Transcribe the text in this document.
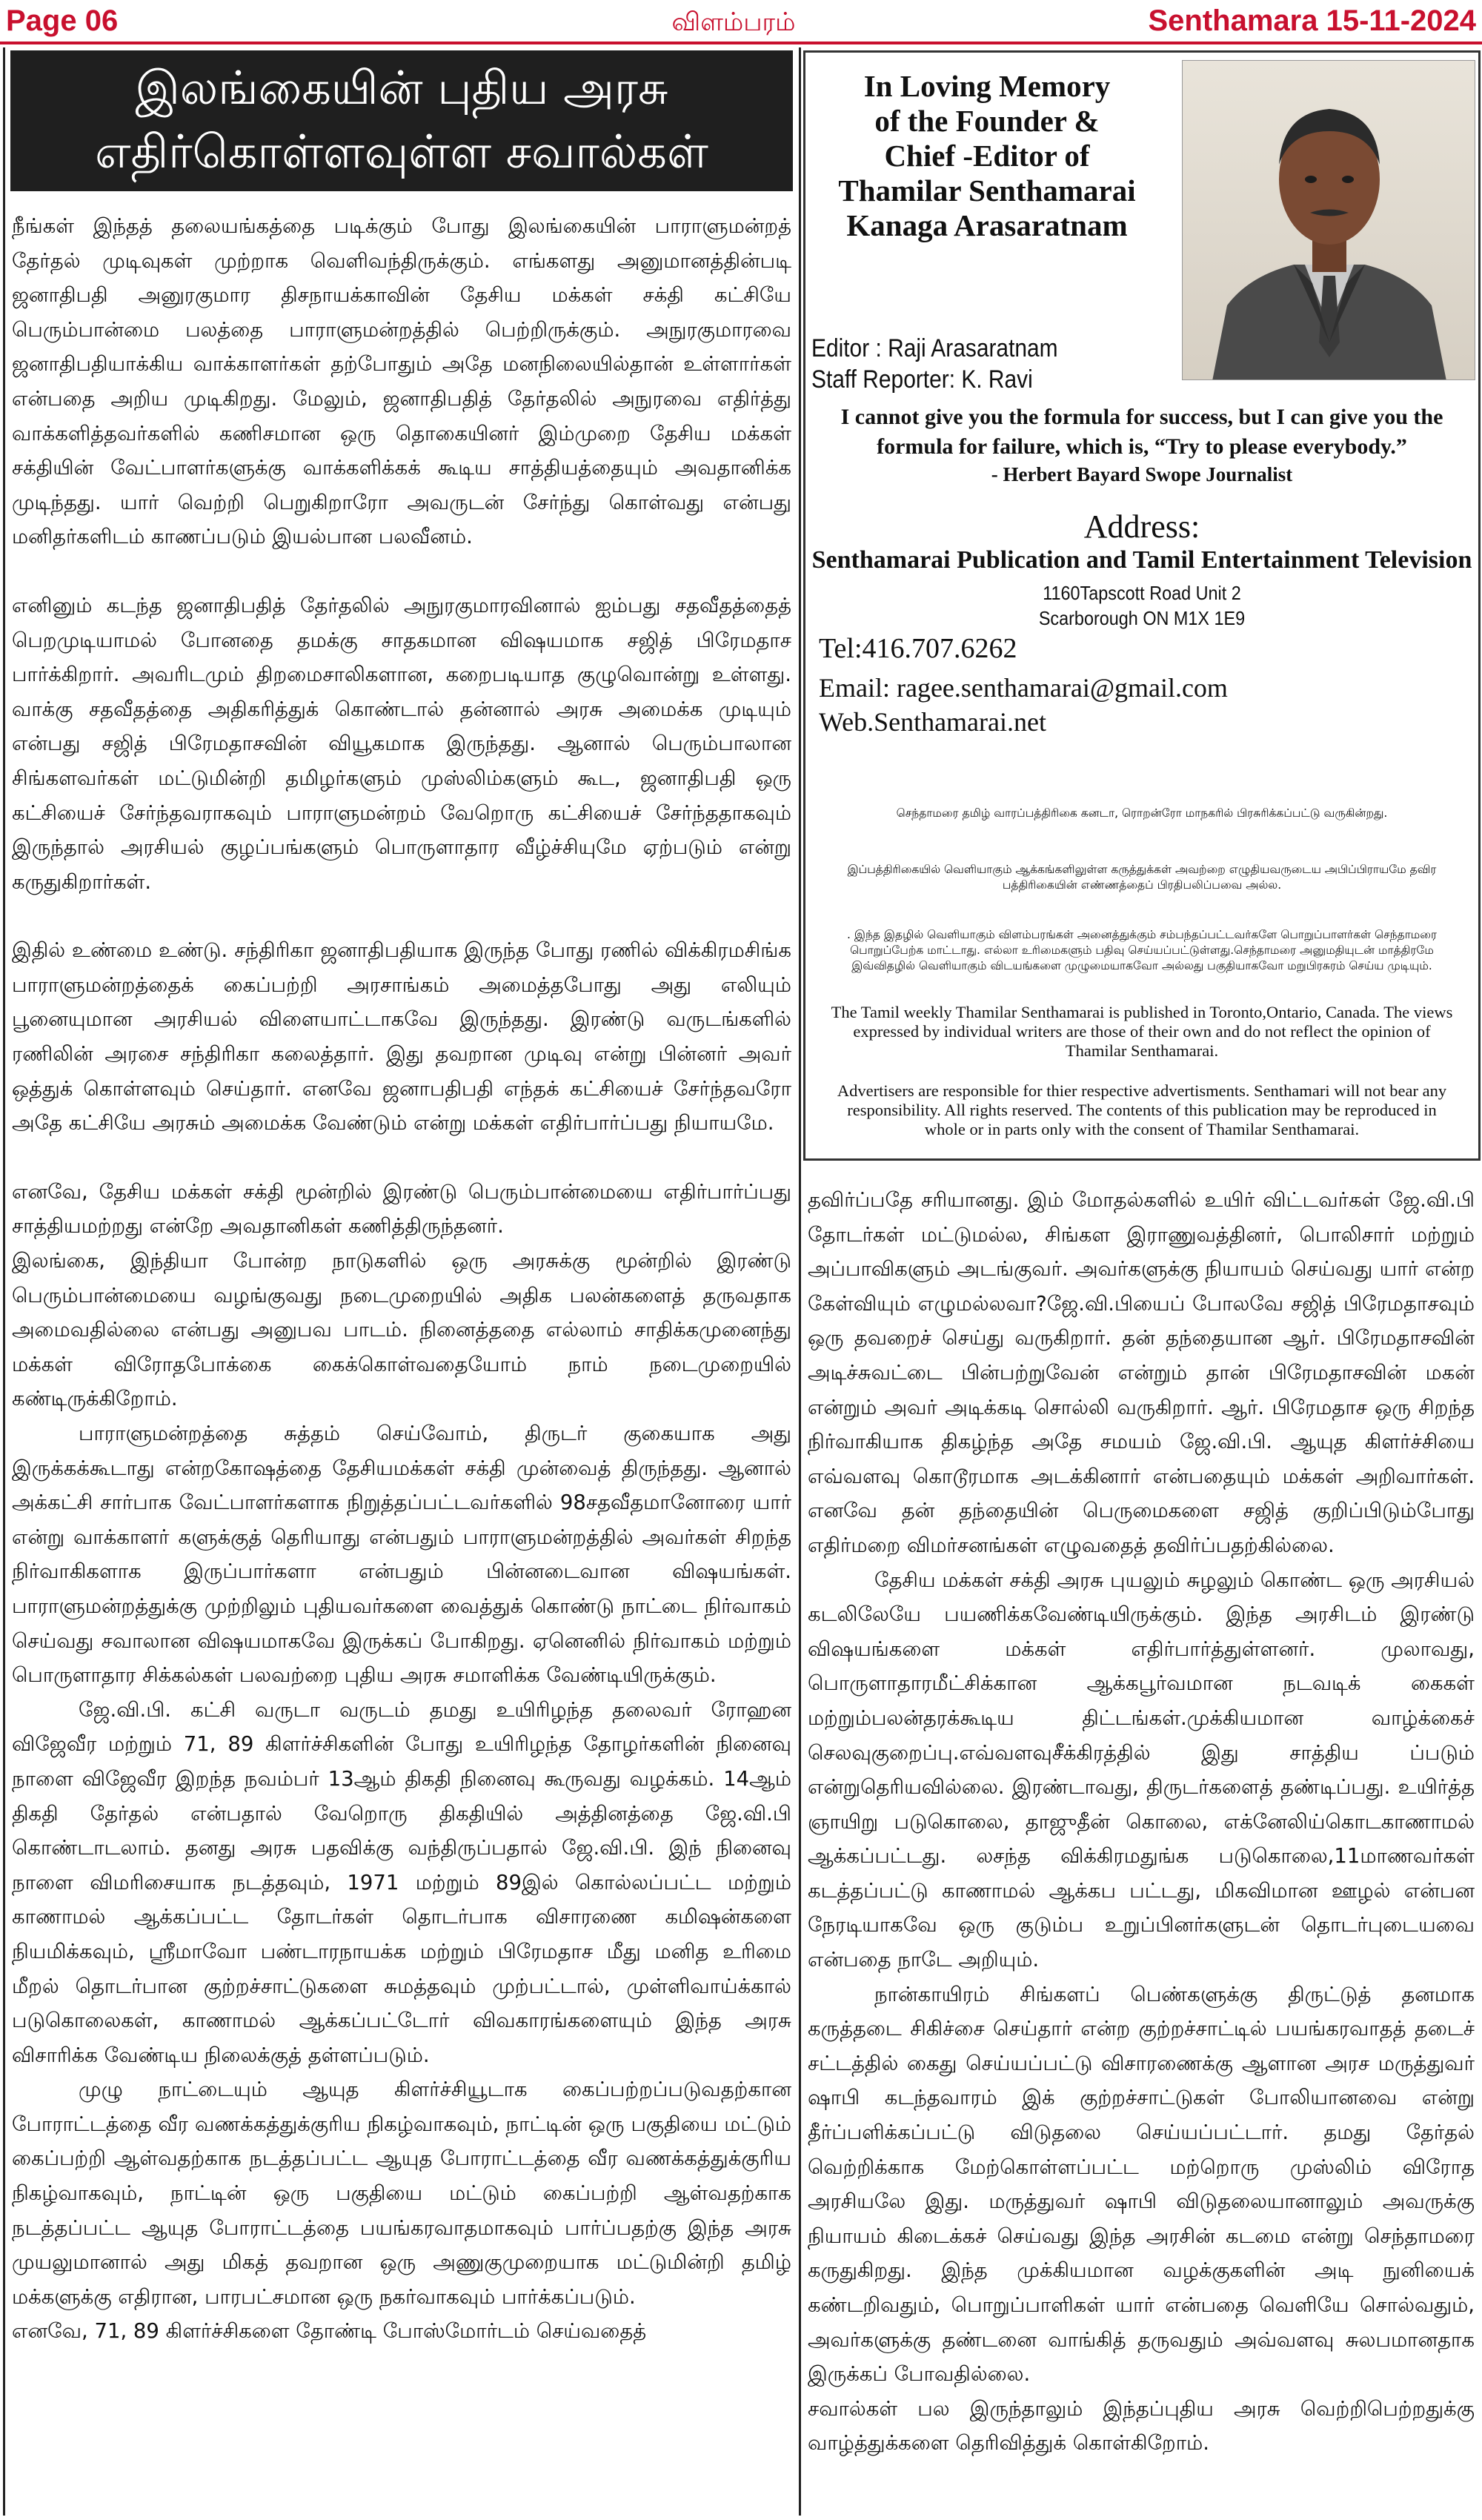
Page 06	விளம்பரம்	Senthamara 15-11-2024
இலங்கையின் புதிய அரசு
எதிர்கொள்ளவுள்ள சவால்கள்

நீங்கள் இந்தத் தலையங்கத்தை படிக்கும் போது இலங்கையின் பாராளுமன்றத் தேர்தல் முடிவுகள் முற்றாக வெளிவந்திருக்கும். எங்களது அனுமானத்தின்படி ஜனாதிபதி அனுரகுமார திசநாயக்காவின் தேசிய மக்கள் சக்தி கட்சியே பெரும்பான்மை பலத்தை பாராளுமன்றத்தில் பெற்றிருக்கும். அநுரகுமாரவை ஜனாதிபதியாக்கிய வாக்காளர்கள் தற்போதும் அதே மனநிலையில்தான் உள்ளார்கள் என்பதை அறிய முடிகிறது. மேலும், ஜனாதிபதித் தேர்தலில் அநுரவை எதிர்த்து வாக்களித்தவர்களில் கணிசமான ஒரு தொகையினர் இம்முறை தேசிய மக்கள் சக்தியின் வேட்பாளர்களுக்கு வாக்களிக்கக் கூடிய சாத்தியத்தையும் அவதானிக்க முடிந்தது. யார் வெற்றி பெறுகிறாரோ அவருடன் சேர்ந்து கொள்வது என்பது மனிதர்களிடம் காணப்படும் இயல்பான பலவீனம்.

எனினும் கடந்த ஜனாதிபதித் தேர்தலில் அநுரகுமாரவினால் ஐம்பது சதவீதத்தைத் பெறமுடியாமல் போனதை தமக்கு சாதகமான விஷயமாக சஜித் பிரேமதாச பார்க்கிறார். அவரிடமும் திறமைசாலிகளான, கறைபடியாத குழுவொன்று உள்ளது. வாக்கு சதவீதத்தை அதிகரித்துக் கொண்டால் தன்னால் அரசு அமைக்க முடியும் என்பது சஜித் பிரேமதாசவின் வியூகமாக இருந்தது. ஆனால் பெரும்பாலான சிங்களவர்கள் மட்டுமின்றி தமிழர்களும் முஸ்லிம்களும் கூட, ஜனாதிபதி ஒரு கட்சியைச் சேர்ந்தவராகவும் பாராளுமன்றம் வேறொரு கட்சியைச் சேர்ந்ததாகவும் இருந்தால் அரசியல் குழப்பங்களும் பொருளாதார வீழ்ச்சியுமே ஏற்படும் என்று கருதுகிறார்கள்.

இதில் உண்மை உண்டு. சந்திரிகா ஜனாதிபதியாக இருந்த போது ரணில் விக்கிரமசிங்க பாராளுமன்றத்தைக் கைப்பற்றி அரசாங்கம் அமைத்தபோது அது எலியும் பூனையுமான அரசியல் விளையாட்டாகவே இருந்தது. இரண்டு வருடங்களில் ரணிலின் அரசை சந்திரிகா கலைத்தார். இது தவறான முடிவு என்று பின்னர் அவர் ஒத்துக் கொள்ளவும் செய்தார். எனவே ஜனாபதிபதி எந்தக் கட்சியைச் சேர்ந்தவரோ அதே கட்சியே அரசும் அமைக்க வேண்டும் என்று மக்கள் எதிர்பார்ப்பது நியாயமே.

எனவே, தேசிய மக்கள் சக்தி மூன்றில் இரண்டு பெரும்பான்மையை எதிர்பார்ப்பது சாத்தியமற்றது என்றே அவதானிகள் கணித்திருந்தனர்.

இலங்கை, இந்தியா போன்ற நாடுகளில் ஒரு அரசுக்கு மூன்றில் இரண்டு பெரும்பான்மையை வழங்குவது நடைமுறையில் அதிக பலன்களைத் தருவதாக அமைவதில்லை என்பது அனுபவ பாடம். நினைத்ததை எல்லாம் சாதிக்கமுனைந்து மக்கள் விரோதபோக்கை கைக்கொள்வதையோம் நாம் நடைமுறையில் கண்டிருக்கிறோம்.

பாராளுமன்றத்தை சுத்தம் செய்வோம், திருடர் குகையாக அது இருக்கக்கூடாது என்றகோஷத்தை தேசியமக்கள் சக்தி முன்வைத் திருந்தது. ஆனால் அக்கட்சி சார்பாக வேட்பாளர்களாக நிறுத்தப்பட்டவர்களில் 98சதவீதமானோரை யார் என்று வாக்காளர் களுக்குத் தெரியாது என்பதும் பாராளுமன்றத்தில் அவர்கள் சிறந்த நிர்வாகிகளாக இருப்பார்களா என்பதும் பின்னடைவான விஷயங்கள். பாராளுமன்றத்துக்கு முற்றிலும் புதியவர்களை வைத்துக் கொண்டு நாட்டை நிர்வாகம் செய்வது சவாலான விஷயமாகவே இருக்கப் போகிறது. ஏனெனில் நிர்வாகம் மற்றும் பொருளாதார சிக்கல்கள் பலவற்றை புதிய அரசு சமாளிக்க வேண்டியிருக்கும்.

ஜே.வி.பி. கட்சி வருடா வருடம் தமது உயிரிழந்த தலைவர் ரோஹன விஜேவீர மற்றும் 71, 89 கிளர்ச்சிகளின் போது உயிரிழந்த தோழர்களின் நினைவு நாளை விஜேவீர இறந்த நவம்பர் 13ஆம் திகதி நினைவு கூருவது வழக்கம். 14ஆம் திகதி தேர்தல் என்பதால் வேறொரு திகதியில் அத்தினத்தை ஜே.வி.பி கொண்டாடலாம். தனது அரசு பதவிக்கு வந்திருப்பதால் ஜே.வி.பி. இந் நினைவு நாளை விமரிசையாக நடத்தவும், 1971 மற்றும் 89இல் கொல்லப்பட்ட மற்றும் காணாமல் ஆக்கப்பட்ட தோடர்கள் தொடர்பாக விசாரணை கமிஷன்களை நியமிக்கவும், ஸ்ரீமாவோ பண்டாரநாயக்க மற்றும் பிரேமதாச மீது மனித உரிமை மீறல் தொடர்பான குற்றச்சாட்டுகளை சுமத்தவும் முற்பட்டால், முள்ளிவாய்க்கால் படுகொலைகள், காணாமல் ஆக்கப்பட்டோர் விவகாரங்களையும் இந்த அரசு விசாரிக்க வேண்டிய நிலைக்குத் தள்ளப்படும்.

முழு நாட்டையும் ஆயுத கிளர்ச்சியூடாக கைப்பற்றப்படுவதற்கான போராட்டத்தை வீர வணக்கத்துக்குரிய நிகழ்வாகவும், நாட்டின் ஒரு பகுதியை மட்டும் கைப்பற்றி ஆள்வதற்காக நடத்தப்பட்ட ஆயுத போராட்டத்தை வீர வணக்கத்துக்குரிய நிகழ்வாகவும், நாட்டின் ஒரு பகுதியை மட்டும் கைப்பற்றி ஆள்வதற்காக நடத்தப்பட்ட ஆயுத போராட்டத்தை பயங்கரவாதமாகவும் பார்ப்பதற்கு இந்த அரசு முயலுமானால் அது மிகத் தவறான ஒரு அணுகுமுறையாக மட்டுமின்றி தமிழ் மக்களுக்கு எதிரான, பாரபட்சமான ஒரு நகர்வாகவும் பார்க்கப்படும்.

எனவே, 71, 89 கிளர்ச்சிகளை தோண்டி போஸ்மோர்டம் செய்வதைத்

தவிர்ப்பதே சரியானது. இம் மோதல்களில் உயிர் விட்டவர்கள் ஜே.வி.பி தோடர்கள் மட்டுமல்ல, சிங்கள இராணுவத்தினர், பொலிசார் மற்றும் அப்பாவிகளும் அடங்குவர். அவர்களுக்கு நியாயம் செய்வது யார் என்ற கேள்வியும் எழுமல்லவா?ஜே.வி.பியைப் போலவே சஜித் பிரேமதாசவும் ஒரு தவறைச் செய்து வருகிறார். தன் தந்தையான ஆர். பிரேமதாசவின் அடிச்சுவட்டை பின்பற்றுவேன் என்றும் தான் பிரேமதாசவின் மகன் என்றும் அவர் அடிக்கடி சொல்லி வருகிறார். ஆர். பிரேமதாச ஒரு சிறந்த நிர்வாகியாக திகழ்ந்த அதே சமயம் ஜே.வி.பி. ஆயுத கிளர்ச்சியை எவ்வளவு கொடூரமாக அடக்கினார் என்பதையும் மக்கள் அறிவார்கள். எனவே தன் தந்தையின் பெருமைகளை சஜித் குறிப்பிடும்போது எதிர்மறை விமர்சனங்கள் எழுவதைத் தவிர்ப்பதற்கில்லை.

தேசிய மக்கள் சக்தி அரசு புயலும் சுழலும் கொண்ட ஒரு அரசியல் கடலிலேயே பயணிக்கவேண்டியிருக்கும். இந்த அரசிடம் இரண்டு விஷயங்களை மக்கள் எதிர்பார்த்துள்ளனர். முலாவது, பொருளாதாரமீட்சிக்கான ஆக்கபூர்வமான நடவடிக் கைகள் மற்றும்பலன்தரக்கூடிய திட்டங்கள்.முக்கியமான வாழ்க்கைச் செலவுகுறைப்பு.எவ்வளவுசீக்கிரத்தில் இது சாத்திய ப்படும் என்றுதெரியவில்லை. இரண்டாவது, திருடர்களைத் தண்டிப்பது. உயிர்த்த ஞாயிறு படுகொலை, தாஜுதீன் கொலை, எக்னேலிய்கொடகாணாமல் ஆக்கப்பட்டது. லசந்த விக்கிரமதுங்க படுகொலை,11மாணவர்கள் கடத்தப்பட்டு காணாமல் ஆக்கப பட்டது, மிகவிமான ஊழல் என்பன நேரடியாகவே ஒரு குடும்ப உறுப்பினர்களுடன் தொடர்புடையவை என்பதை நாடே அறியும்.

நான்காயிரம் சிங்களப் பெண்களுக்கு திருட்டுத் தனமாக கருத்தடை சிகிச்சை செய்தார் என்ற குற்றச்சாட்டில் பயங்கரவாதத் தடைச் சட்டத்தில் கைது செய்யப்பட்டு விசாரணைக்கு ஆளான அரச மருத்துவர் ஷாபி கடந்தவாரம் இக் குற்றச்சாட்டுகள் போலியானவை என்று தீர்ப்பளிக்கப்பட்டு விடுதலை செய்யப்பட்டார். தமது தேர்தல் வெற்றிக்காக மேற்கொள்ளப்பட்ட மற்றொரு முஸ்லிம் விரோத அரசியலே இது. மருத்துவர் ஷாபி விடுதலையானாலும் அவருக்கு நியாயம் கிடைக்கச் செய்வது இந்த அரசின் கடமை என்று செந்தாமரை கருதுகிறது. இந்த முக்கியமான வழக்குகளின் அடி நுனியைக் கண்டறிவதும், பொறுப்பாளிகள் யார் என்பதை வெளியே சொல்வதும், அவர்களுக்கு தண்டனை வாங்கித் தருவதும் அவ்வளவு சுலபமானதாக இருக்கப் போவதில்லை.

சவால்கள் பல இருந்தாலும் இந்தப்புதிய அரசு வெற்றிபெற்றதுக்கு வாழ்த்துக்களை தெரிவித்துக் கொள்கிறோம்.

In Loving Memory
of the Founder &
Chief -Editor of
Thamilar Senthamarai
Kanaga Arasaratnam
Editor : Raji Arasaratnam
Staff Reporter: K. Ravi
I cannot give you the formula for success, but I can give you the formula for failure, which is, “Try to please everybody.”
- Herbert Bayard Swope Journalist
Address:
Senthamarai Publication and Tamil Entertainment Television
1160Tapscott Road Unit 2
Scarborough ON M1X 1E9
Tel:416.707.6262
Email: ragee.senthamarai@gmail.com
Web.Senthamarai.net
செந்தாமரை தமிழ் வாரப்பத்திரிகை கனடா, ரொறன்ரோ மாநகரில் பிரசுரிக்கப்பட்டு வருகின்றது.
இப்பத்திரிகையில் வெளியாகும் ஆக்கங்களிலுள்ள கருத்துக்கள் அவற்றை எழுதியவருடைய அபிப்பிராயமே தவிர பத்திரிகையின் எண்ணத்தைப் பிரதிபலிப்பவை அல்ல.
. இந்த இதழில் வெளியாகும் விளம்பரங்கள் அனைத்துக்கும் சம்பந்தப்பட்டவர்களே பொறுப்பாளர்கள் செந்தாமரை பொறுப்பேற்க மாட்டாது. எல்லா உரிமைகளும் பதிவு செய்யப்பட்டுள்ளது.செந்தாமரை அனுமதியுடன் மாத்திரமே இவ்விதழில் வெளியாகும் விடயங்களை முழுமையாகவோ அல்லது பகுதியாகவோ மறுபிரசுரம் செய்ய முடியும்.
The Tamil weekly Thamilar Senthamarai is published in Toronto,Ontario, Canada. The views expressed by individual writers are those of their own and do not reflect the opinion of Thamilar Senthamarai.
Advertisers are responsible for thier respective advertisments. Senthamari will not bear any responsibility. All rights reserved. The contents of this publication may be reproduced in whole or in parts only with the consent of Thamilar Senthamarai.
